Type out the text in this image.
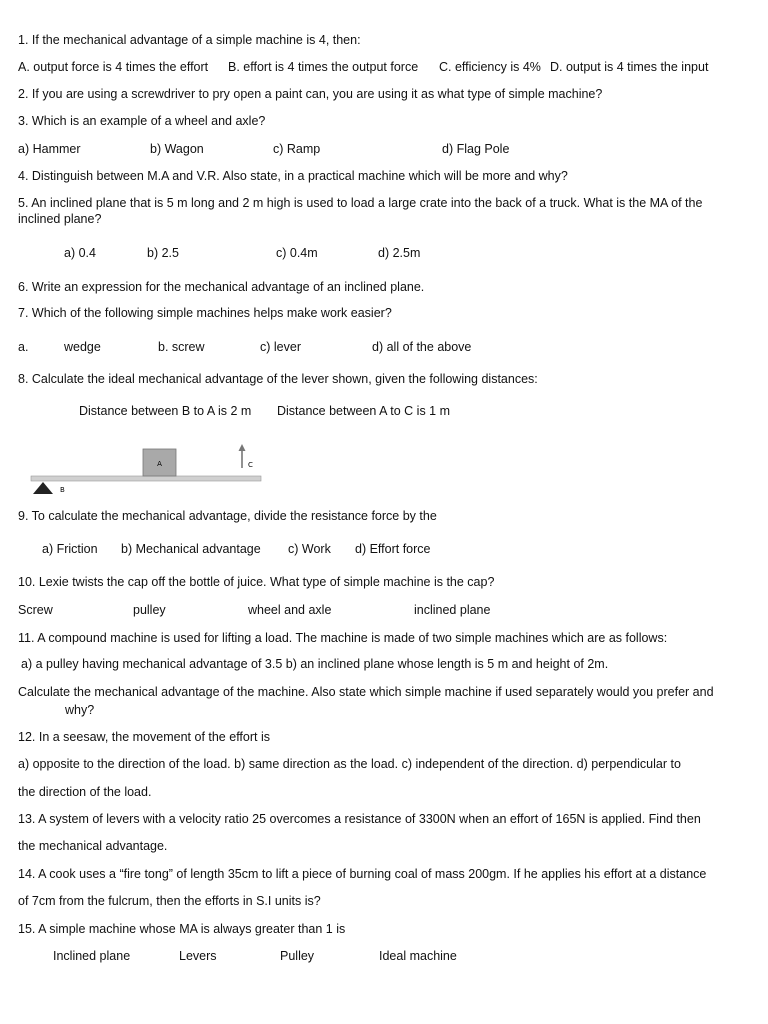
1. If the mechanical advantage of a simple machine is 4, then:
A. output force is 4 times the effort B. effort is 4 times the output force C. efficiency is 4% D. output is 4 times the input
2. If you are using a screwdriver to pry open a paint can, you are using it as what type of simple machine?
3. Which is an example of a wheel and axle?
a) Hammer	b) Wagon	c) Ramp	d) Flag Pole
4. Distinguish between M.A and V.R. Also state, in a practical machine which will be more and why?
5. An inclined plane that is 5 m long and 2 m high is used to load a large crate into the back of a truck. What is the MA of the inclined plane?
a) 0.4	b) 2.5	c) 0.4m	d) 2.5m
6. Write an expression for the mechanical advantage of an inclined plane.
7. Which of the following simple machines helps make work easier?
a.	wedge	b. screw	c) lever	d) all of the above
8. Calculate the ideal mechanical advantage of the lever shown, given the following distances:
Distance between B to A is 2 m Distance between A to C is 1 m
A
B
C
9. To calculate the mechanical advantage, divide the resistance force by the
a) Friction b) Mechanical advantage c) Work d) Effort force
10. Lexie twists the cap off the bottle of juice. What type of simple machine is the cap?
Screw	pulley	wheel and axle	inclined plane
11. A compound machine is used for lifting a load. The machine is made of two simple machines which are as follows:
a) a pulley having mechanical advantage of 3.5 b) an inclined plane whose length is 5 m and height of 2m.
Calculate the mechanical advantage of the machine. Also state which simple machine if used separately would you prefer and
why?
12. In a seesaw, the movement of the effort is
a) opposite to the direction of the load. b) same direction as the load. c) independent of the direction. d) perpendicular to
the direction of the load.
13. A system of levers with a velocity ratio 25 overcomes a resistance of 3300N when an effort of 165N is applied. Find then
the mechanical advantage.
14. A cook uses a “fire tong” of length 35cm to lift a piece of burning coal of mass 200gm. If he applies his effort at a distance
of 7cm from the fulcrum, then the efforts in S.I units is?
15. A simple machine whose MA is always greater than 1 is
Inclined plane	Levers	Pulley	Ideal machine
